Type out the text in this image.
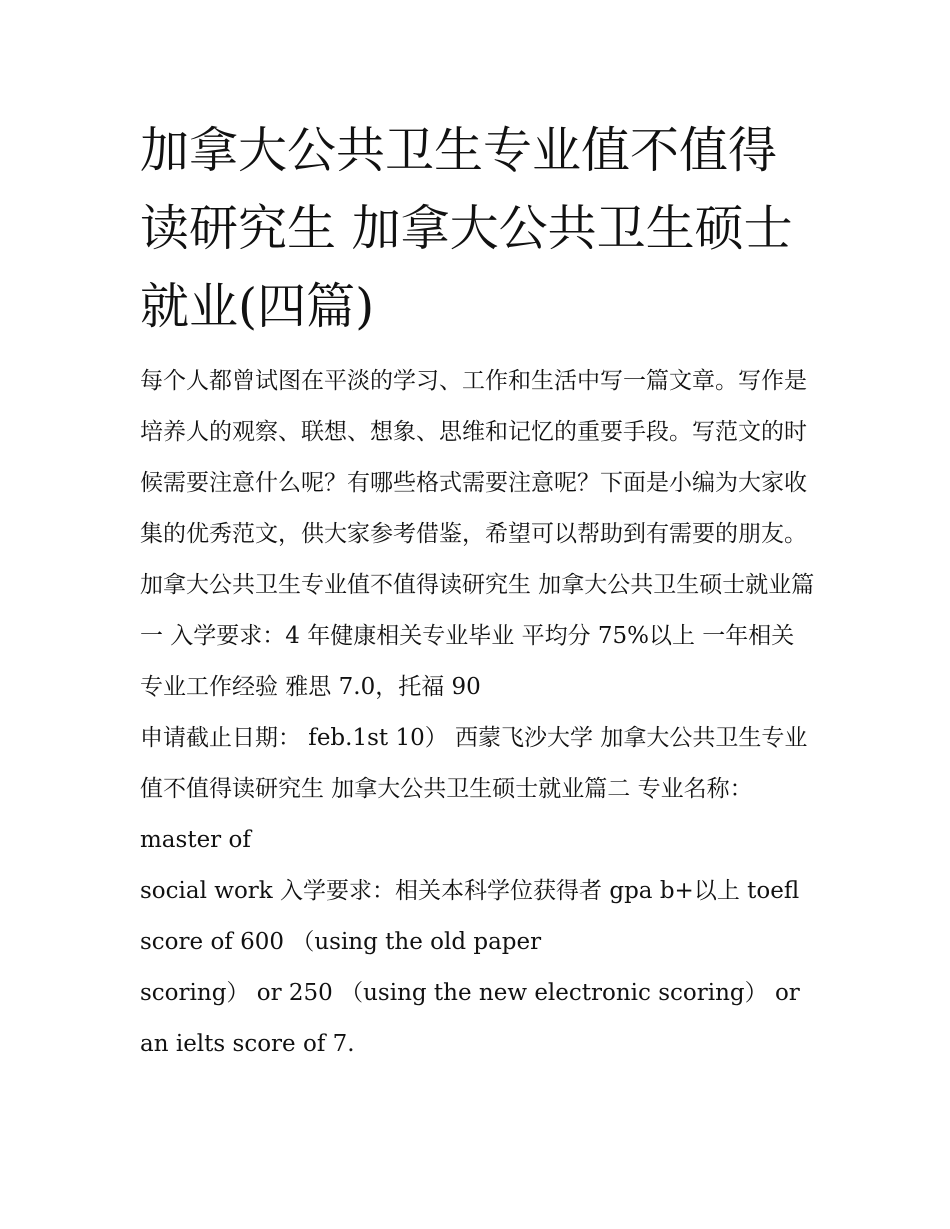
加拿大公共卫生专业值不值得读研究生 加拿大公共卫生硕士就业(四篇)

每个人都曾试图在平淡的学习、工作和生活中写一篇文章。写作是培养人的观察、联想、想象、思维和记忆的重要手段。写范文的时候需要注意什么呢？有哪些格式需要注意呢？下面是小编为大家收集的优秀范文，供大家参考借鉴，希望可以帮助到有需要的朋友。

加拿大公共卫生专业值不值得读研究生 加拿大公共卫生硕士就业篇一 入学要求：4 年健康相关专业毕业 平均分 75%以上 一年相关专业工作经验 雅思 7.0，托福 90

申请截止日期： feb.1st 10） 西蒙飞沙大学 加拿大公共卫生专业值不值得读研究生 加拿大公共卫生硕士就业篇二 专业名称：master of

social work 入学要求：相关本科学位获得者 gpa b+以上 toefl score of 600 （using the old paper

scoring） or 250 （using the new electronic scoring） or an ielts score of 7.
